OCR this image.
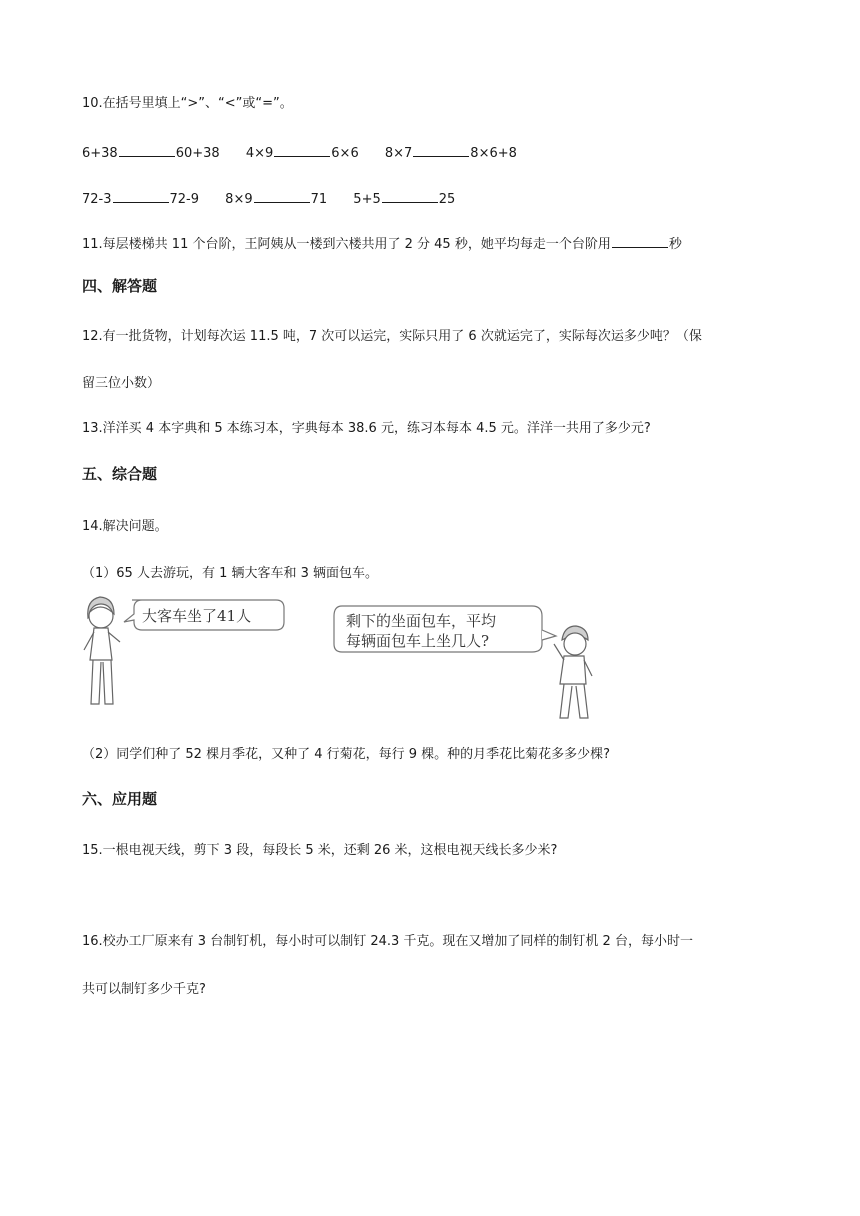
10.在括号里填上“>”、“<”或“=”。
6+38	60+38 4×9	6×6 8×7	8×6+8
72-3	72-9 8×9	71 5+5	25
11.每层楼梯共 11 个台阶，王阿姨从一楼到六楼共用了 2 分 45 秒，她平均每走一个台阶用	秒
四、解答题
12.有一批货物，计划每次运 11.5 吨，7 次可以运完，实际只用了 6 次就运完了，实际每次运多少吨？（保
留三位小数）
13.洋洋买 4 本字典和 5 本练习本，字典每本 38.6 元，练习本每本 4.5 元。洋洋一共用了多少元?
五、综合题
14.解决问题。
（1）65 人去游玩，有 1 辆大客车和 3 辆面包车。
大客车坐了41人	剩下的坐面包车，平均
每辆面包车上坐几人?
（2）同学们种了 52 棵月季花，又种了 4 行菊花，每行 9 棵。种的月季花比菊花多多少棵?
六、应用题
15.一根电视天线，剪下 3 段，每段长 5 米，还剩 26 米，这根电视天线长多少米?
16.校办工厂原来有 3 台制钉机，每小时可以制钉 24.3 千克。现在又增加了同样的制钉机 2 台，每小时一
共可以制钉多少千克?
